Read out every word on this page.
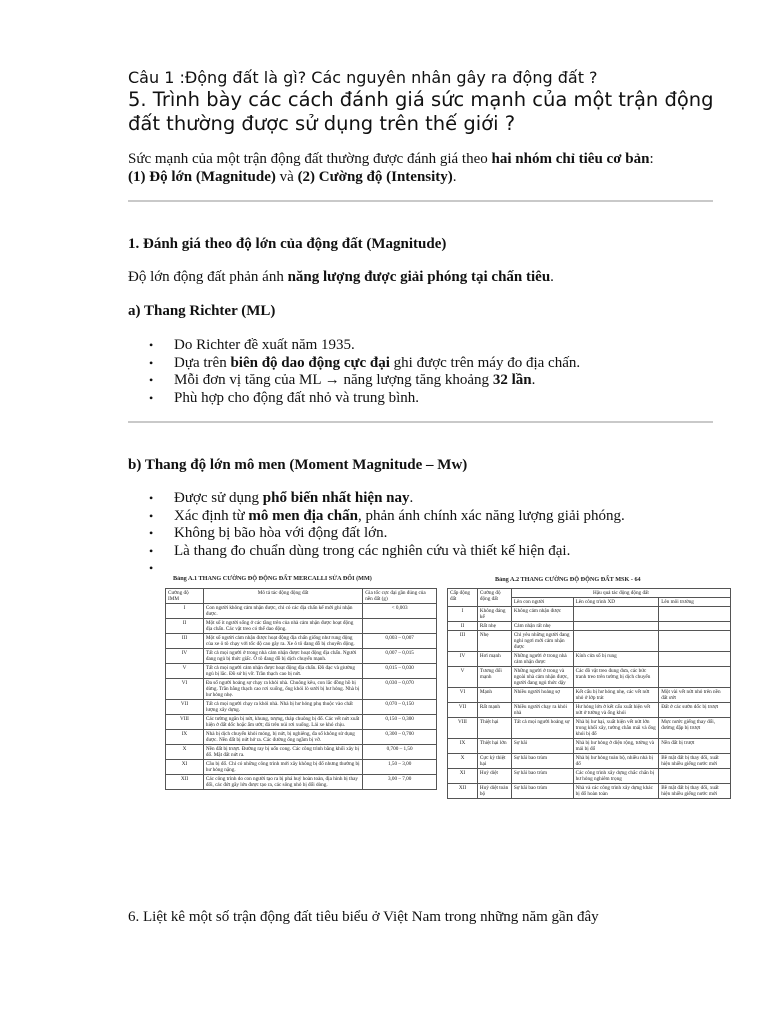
Câu 1 :Động đất là gì? Các nguyên nhân gây ra động đất ?
5. Trình bày các cách đánh giá sức mạnh của một trận động đất thường được sử dụng trên thế giới ?
Sức mạnh của một trận động đất thường được đánh giá theo hai nhóm chỉ tiêu cơ bản:
(1) Độ lớn (Magnitude) và (2) Cường độ (Intensity).
1. Đánh giá theo độ lớn của động đất (Magnitude)
Độ lớn động đất phản ánh năng lượng được giải phóng tại chấn tiêu.
a) Thang Richter (ML)
• Do Richter đề xuất năm 1935.
• Dựa trên biên độ dao động cực đại ghi được trên máy đo địa chấn.
• Mỗi đơn vị tăng của ML → năng lượng tăng khoảng 32 lần.
• Phù hợp cho động đất nhỏ và trung bình.
b) Thang độ lớn mô men (Moment Magnitude – Mw)
• Được sử dụng phổ biến nhất hiện nay.
• Xác định từ mô men địa chấn, phản ánh chính xác năng lượng giải phóng.
• Không bị bão hòa với động đất lớn.
• Là thang đo chuẩn dùng trong các nghiên cứu và thiết kế hiện đại.
Bảng A.1 THANG CƯỜNG ĐỘ ĐỘNG ĐẤT MERCALLI SỬA ĐỔI (MM)
Cường độ IMM	Mô tả tác động động đất	Gia tốc cực đại gần đúng của nền đất (g)
I	Con người không cảm nhận được, chỉ có các địa chấn kế mới ghi nhận được.	< 0,003
II	Một số ít người sống ở các tầng trên của nhà cảm nhận được hoạt động địa chấn. Các vật treo có thể dao động.	
III	Một số người cảm nhận được hoạt động địa chấn giống như rung động của xe ô tô chạy với tốc độ cao gây ra. Xe ô tô đang đỗ bị chuyển động.	0,003 – 0,007
IV	Tất cả mọi người ở trong nhà cảm nhận được hoạt động địa chấn. Người đang ngủ bị thức giấc. Ô tô đang đỗ bị dịch chuyển mạnh.	0,007 – 0,015
V	Tất cả mọi người cảm nhận được hoạt động địa chấn. Đồ đạc và giường ngủ bị lắc. Đồ sứ bị vỡ. Trần thạch cao bị nứt.	0,015 – 0,030
VI	Đa số người hoảng sợ chạy ra khỏi nhà. Chuông kêu, con lắc đồng hồ bị dừng. Trần bằng thạch cao rơi xuống, ống khói lò sưởi bị hư hỏng. Nhà bị hư hỏng nhẹ.	0,030 – 0,070
VII	Tất cả mọi người chạy ra khỏi nhà. Nhà bị hư hỏng phụ thuộc vào chất lượng xây dựng.	0,070 – 0,150
VIII	Các tường ngăn bị nứt, khung, tượng, tháp chuông bị đổ. Các vết nứt xuất hiện ở đất dốc hoặc ẩm ướt; đá trên núi rơi xuống. Lái xe khó chịu.	0,150 – 0,300
IX	Nhà bị dịch chuyển khỏi móng, bị nứt, bị nghiêng, đa số không sử dụng được. Nền đất bị nứt hở ra. Các đường ống ngầm bị vỡ.	0,300 – 0,700
X	Nền đất bị trượt. Đường ray bị uốn cong. Các công trình bằng khối xây bị đổ. Mặt đất nứt ra.	0,700 – 1,50
XI	Cầu bị đổ. Chỉ có những công trình mới xây không bị đổ nhưng thường bị hư hỏng nặng.	1,50 – 3,00
XII	Các công trình do con người tạo ra bị phá huỷ hoàn toàn, địa hình bị thay đổi, các đứt gãy lớn được tạo ra, các sông nhỏ bị đổi dòng.	3,00 – 7,00
Bảng A.2 THANG CƯỜNG ĐỘ ĐỘNG ĐẤT MSK - 64
Cấp động đất	Cường độ động đất	Hậu quả tác động động đất		
		Lên con người	Lên công trình XD	Lên môi trường
I	Không đáng kể	Không cảm nhận được		
II	Rất nhẹ	Cảm nhận rất nhẹ		
III	Nhẹ	Chỉ yêu những người đang nghỉ ngơi mới cảm nhận được		
IV	Hơi mạnh	Những người ở trong nhà cảm nhận được	Kính cửa sổ bị rung	
V	Tương đối mạnh	Những người ở trong và ngoài nhà cảm nhận được, người đang ngủ thức dậy	Các đồ vật treo đung đưa, các bức tranh treo trên tường bị dịch chuyển	
VI	Mạnh	Nhiều người hoảng sợ	Kết cấu bị hư hỏng nhẹ, các vết nứt nhỏ ở lớp trát	Một vài vết nứt nhỏ trên nền đất ướt
VII	Rất mạnh	Nhiều người chạy ra khỏi nhà	Hư hỏng lớn ở kết cấu xuất hiện vết nứt ở tường và ống khói	Đất ở các sườn dốc bị trượt
VIII	Thiệt hại	Tất cả mọi người hoảng sợ	Nhà bị hư hại, xuất hiện vết nứt lớn trong khối xây, tường chắn mái và ống khói bị đổ	Mực nước giếng thay đổi, đường đặp bị trượt
IX	Thiệt hại lớn	Sợ hãi	Nhà bị hư hỏng ở diện rộng, tường và mái bị đổ	Nền đất bị trượt
X	Cực kỳ thiệt hại	Sợ hãi bao trùm	Nhà bị hư hỏng toàn bộ, nhiều nhà bị đổ	Bề mặt đất bị thay đổi, xuất hiện nhiều giếng nước mới
XI	Huỷ diệt	Sợ hãi bao trùm	Các công trình xây dựng chắc chắn bị hư hỏng nghiêm trọng	
XII	Huỷ diệt toàn bộ	Sợ hãi bao trùm	Nhà và các công trình xây dựng khác bị đổ hoàn toàn	Bề mặt đất bị thay đổi, xuất hiện nhiều giếng nước mới
6. Liệt kê một số trận động đất tiêu biểu ở Việt Nam trong những năm gần đây
